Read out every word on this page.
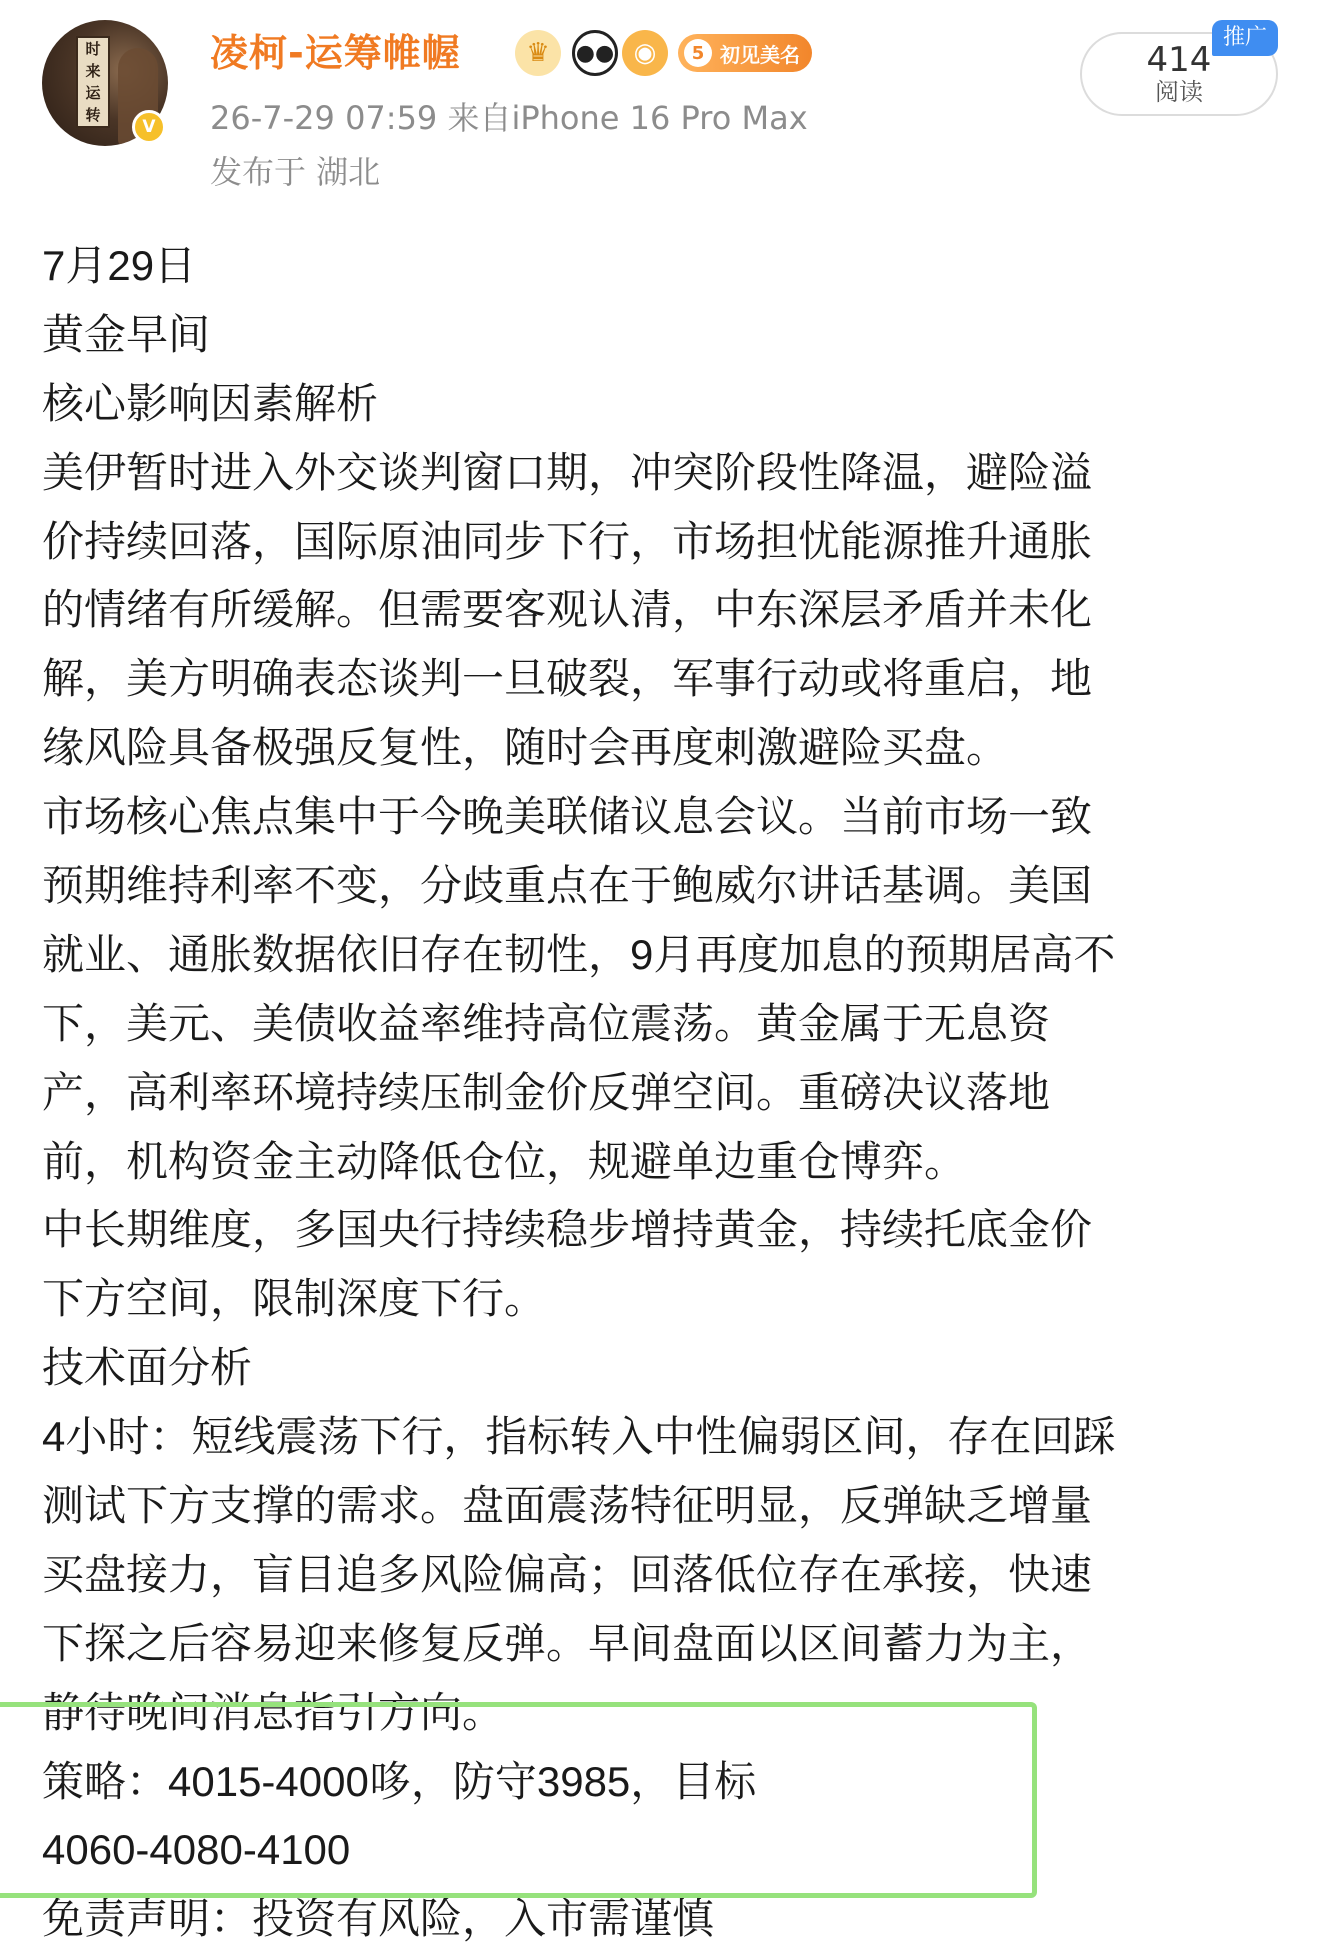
时
来
运
转
V
凌柯-运筹帷幄	♛	●● ◉	5 初见美名
26-7-29 07:59 来自iPhone 16 Pro Max
发布于 湖北
414
阅读
推广
7月29日
黄金早间
核心影响因素解析
美伊暂时进入外交谈判窗口期，冲突阶段性降温，避险溢
价持续回落，国际原油同步下行，市场担忧能源推升通胀
的情绪有所缓解。但需要客观认清，中东深层矛盾并未化
解，美方明确表态谈判一旦破裂，军事行动或将重启，地
缘风险具备极强反复性，随时会再度刺激避险买盘。
市场核心焦点集中于今晚美联储议息会议。当前市场一致
预期维持利率不变，分歧重点在于鲍威尔讲话基调。美国
就业、通胀数据依旧存在韧性，9月再度加息的预期居高不
下，美元、美债收益率维持高位震荡。黄金属于无息资
产，高利率环境持续压制金价反弹空间。重磅决议落地
前，机构资金主动降低仓位，规避单边重仓博弈。
中长期维度，多国央行持续稳步增持黄金，持续托底金价
下方空间，限制深度下行。
技术面分析
4小时：短线震荡下行，指标转入中性偏弱区间，存在回踩
测试下方支撑的需求。盘面震荡特征明显，反弹缺乏增量
买盘接力，盲目追多风险偏高；回落低位存在承接，快速
下探之后容易迎来修复反弹。早间盘面以区间蓄力为主，
静待晚间消息指引方向。
策略：4015-4000哆，防守3985，目标
4060-4080-4100
免责声明：投资有风险，入市需谨慎
